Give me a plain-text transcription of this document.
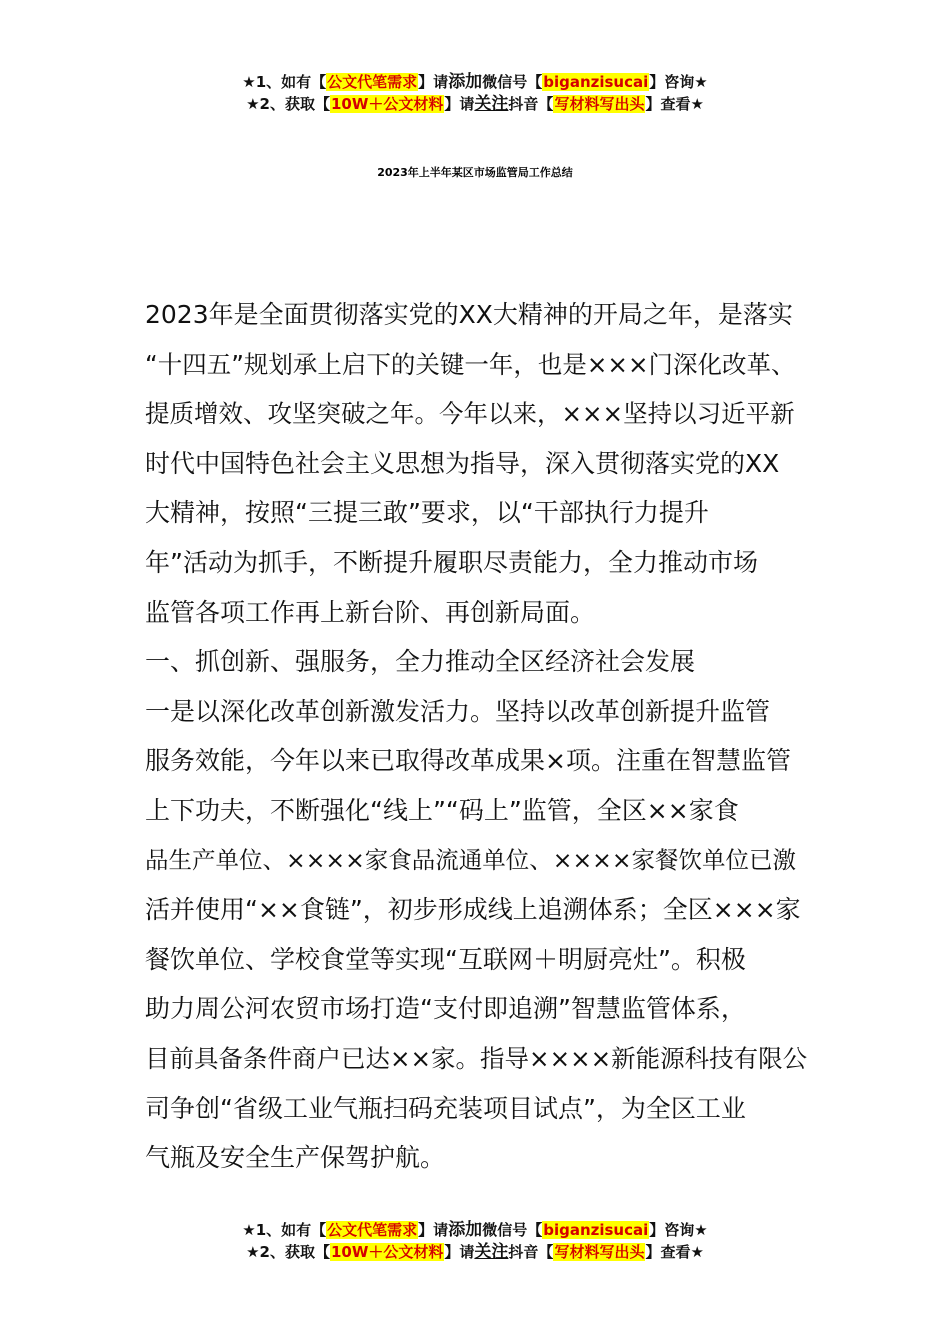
★1、如有【公文代笔需求】请添加微信号【biganzisucai】咨询★
★2、获取【10W＋公文材料】请关注抖音【写材料写出头】查看★
2023年上半年某区市场监管局工作总结
2023年是全面贯彻落实党的XX大精神的开局之年，是落实
“十四五”规划承上启下的关键一年，也是×××门深化改革、
提质增效、攻坚突破之年。今年以来，×××坚持以习近平新
时代中国特色社会主义思想为指导，深入贯彻落实党的XX
大精神，按照“三提三敢”要求，以“干部执行力提升
年”活动为抓手，不断提升履职尽责能力，全力推动市场
监管各项工作再上新台阶、再创新局面。
一、抓创新、强服务，全力推动全区经济社会发展
一是以深化改革创新激发活力。坚持以改革创新提升监管
服务效能，今年以来已取得改革成果×项。注重在智慧监管
上下功夫，不断强化“线上”“码上”监管，全区××家食
品生产单位、××××家食品流通单位、××××家餐饮单位已激
活并使用“××食链”，初步形成线上追溯体系；全区×××家
餐饮单位、学校食堂等实现“互联网＋明厨亮灶”。积极
助力周公河农贸市场打造“支付即追溯”智慧监管体系，
目前具备条件商户已达××家。指导××××新能源科技有限公
司争创“省级工业气瓶扫码充装项目试点”，为全区工业
气瓶及安全生产保驾护航。
★1、如有【公文代笔需求】请添加微信号【biganzisucai】咨询★
★2、获取【10W＋公文材料】请关注抖音【写材料写出头】查看★
